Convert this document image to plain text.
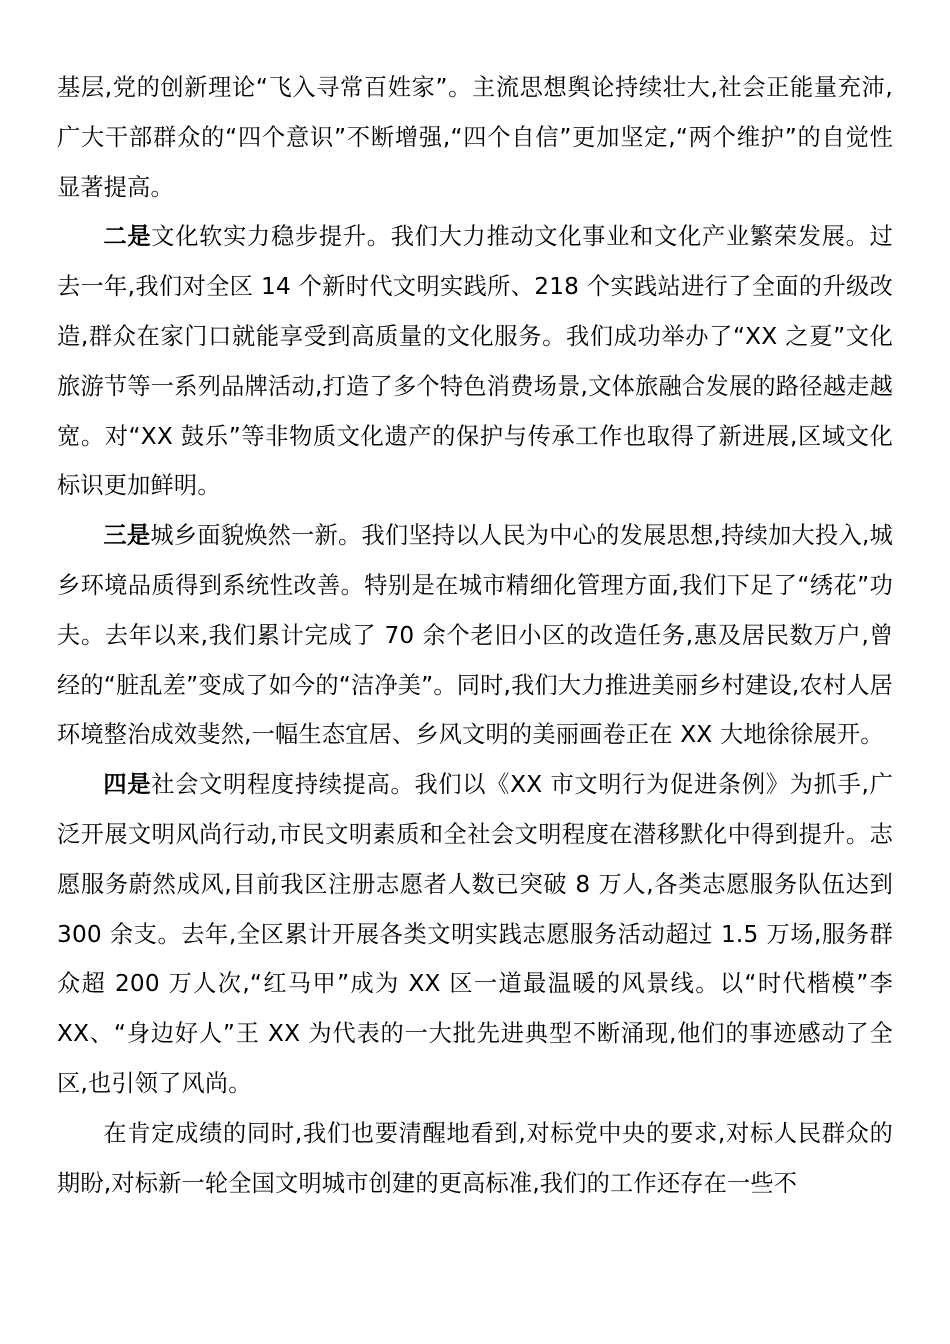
基层,党的创新理论“飞入寻常百姓家”。主流思想舆论持续壮大,社会正能量充沛,广大干部群众的“四个意识”不断增强,“四个自信”更加坚定,“两个维护”的自觉性显著提高。

二是文化软实力稳步提升。我们大力推动文化事业和文化产业繁荣发展。过去一年,我们对全区 14 个新时代文明实践所、218 个实践站进行了全面的升级改造,群众在家门口就能享受到高质量的文化服务。我们成功举办了“XX 之夏”文化旅游节等一系列品牌活动,打造了多个特色消费场景,文体旅融合发展的路径越走越宽。对“XX 鼓乐”等非物质文化遗产的保护与传承工作也取得了新进展,区域文化标识更加鲜明。

三是城乡面貌焕然一新。我们坚持以人民为中心的发展思想,持续加大投入,城乡环境品质得到系统性改善。特别是在城市精细化管理方面,我们下足了“绣花”功夫。去年以来,我们累计完成了 70 余个老旧小区的改造任务,惠及居民数万户,曾经的“脏乱差”变成了如今的“洁净美”。同时,我们大力推进美丽乡村建设,农村人居环境整治成效斐然,一幅生态宜居、乡风文明的美丽画卷正在 XX 大地徐徐展开。

四是社会文明程度持续提高。我们以《XX 市文明行为促进条例》为抓手,广泛开展文明风尚行动,市民文明素质和全社会文明程度在潜移默化中得到提升。志愿服务蔚然成风,目前我区注册志愿者人数已突破 8 万人,各类志愿服务队伍达到 300 余支。去年,全区累计开展各类文明实践志愿服务活动超过 1.5 万场,服务群众超 200 万人次,“红马甲”成为 XX 区一道最温暖的风景线。以“时代楷模”李 XX、“身边好人”王 XX 为代表的一大批先进典型不断涌现,他们的事迹感动了全区,也引领了风尚。

在肯定成绩的同时,我们也要清醒地看到,对标党中央的要求,对标人民群众的期盼,对标新一轮全国文明城市创建的更高标准,我们的工作还存在一些不
